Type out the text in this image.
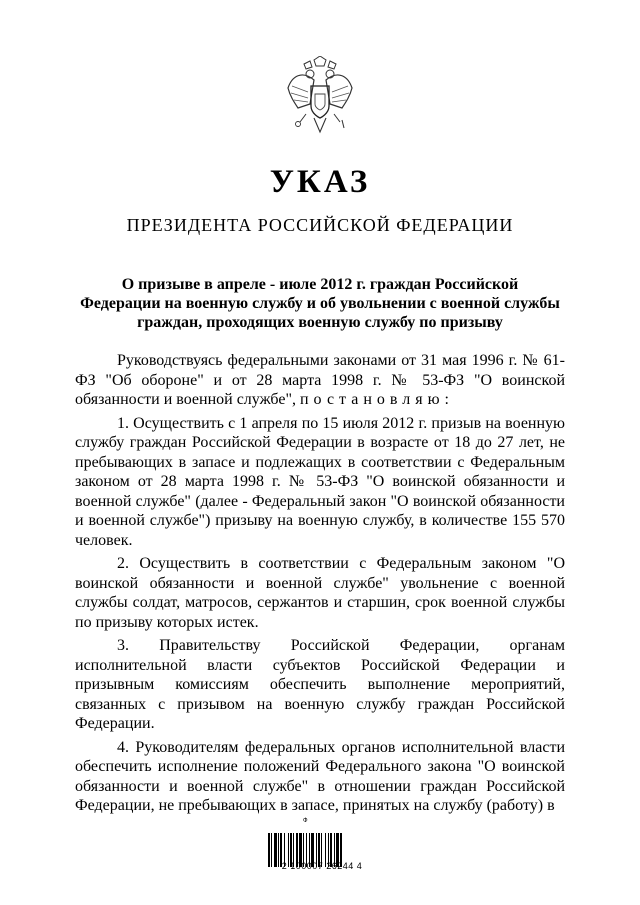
УКАЗ
ПРЕЗИДЕНТА РОССИЙСКОЙ ФЕДЕРАЦИИ
О призыве в апреле - июле 2012 г. граждан Российской Федерации на военную службу и об увольнении с военной службы граждан, проходящих военную службу по призыву

Руководствуясь федеральными законами от 31 мая 1996 г. № 61-ФЗ "Об обороне" и от 28 марта 1998 г. № 53-ФЗ "О воинской обязанности и военной службе", постановляю:

1. Осуществить с 1 апреля по 15 июля 2012 г. призыв на военную службу граждан Российской Федерации в возрасте от 18 до 27 лет, не пребывающих в запасе и подлежащих в соответствии с Федеральным законом от 28 марта 1998 г. № 53-ФЗ "О воинской обязанности и военной службе" (далее - Федеральный закон "О воинской обязанности и военной службе") призыву на военную службу, в количестве 155 570 человек.

2. Осуществить в соответствии с Федеральным законом "О воинской обязанности и военной службе" увольнение с военной службы солдат, матросов, сержантов и старшин, срок военной службы по призыву которых истек.

3. Правительству Российской Федерации, органам исполнительной власти субъектов Российской Федерации и призывным комиссиям обеспечить выполнение мероприятий, связанных с призывом на военную службу граждан Российской Федерации.

4. Руководителям федеральных органов исполнительной власти обеспечить исполнение положений Федерального закона "О воинской обязанности и военной службе" в отношении граждан Российской Федерации, не пребывающих в запасе, принятых на службу (работу) в

Ф
2 100007 26244 4
